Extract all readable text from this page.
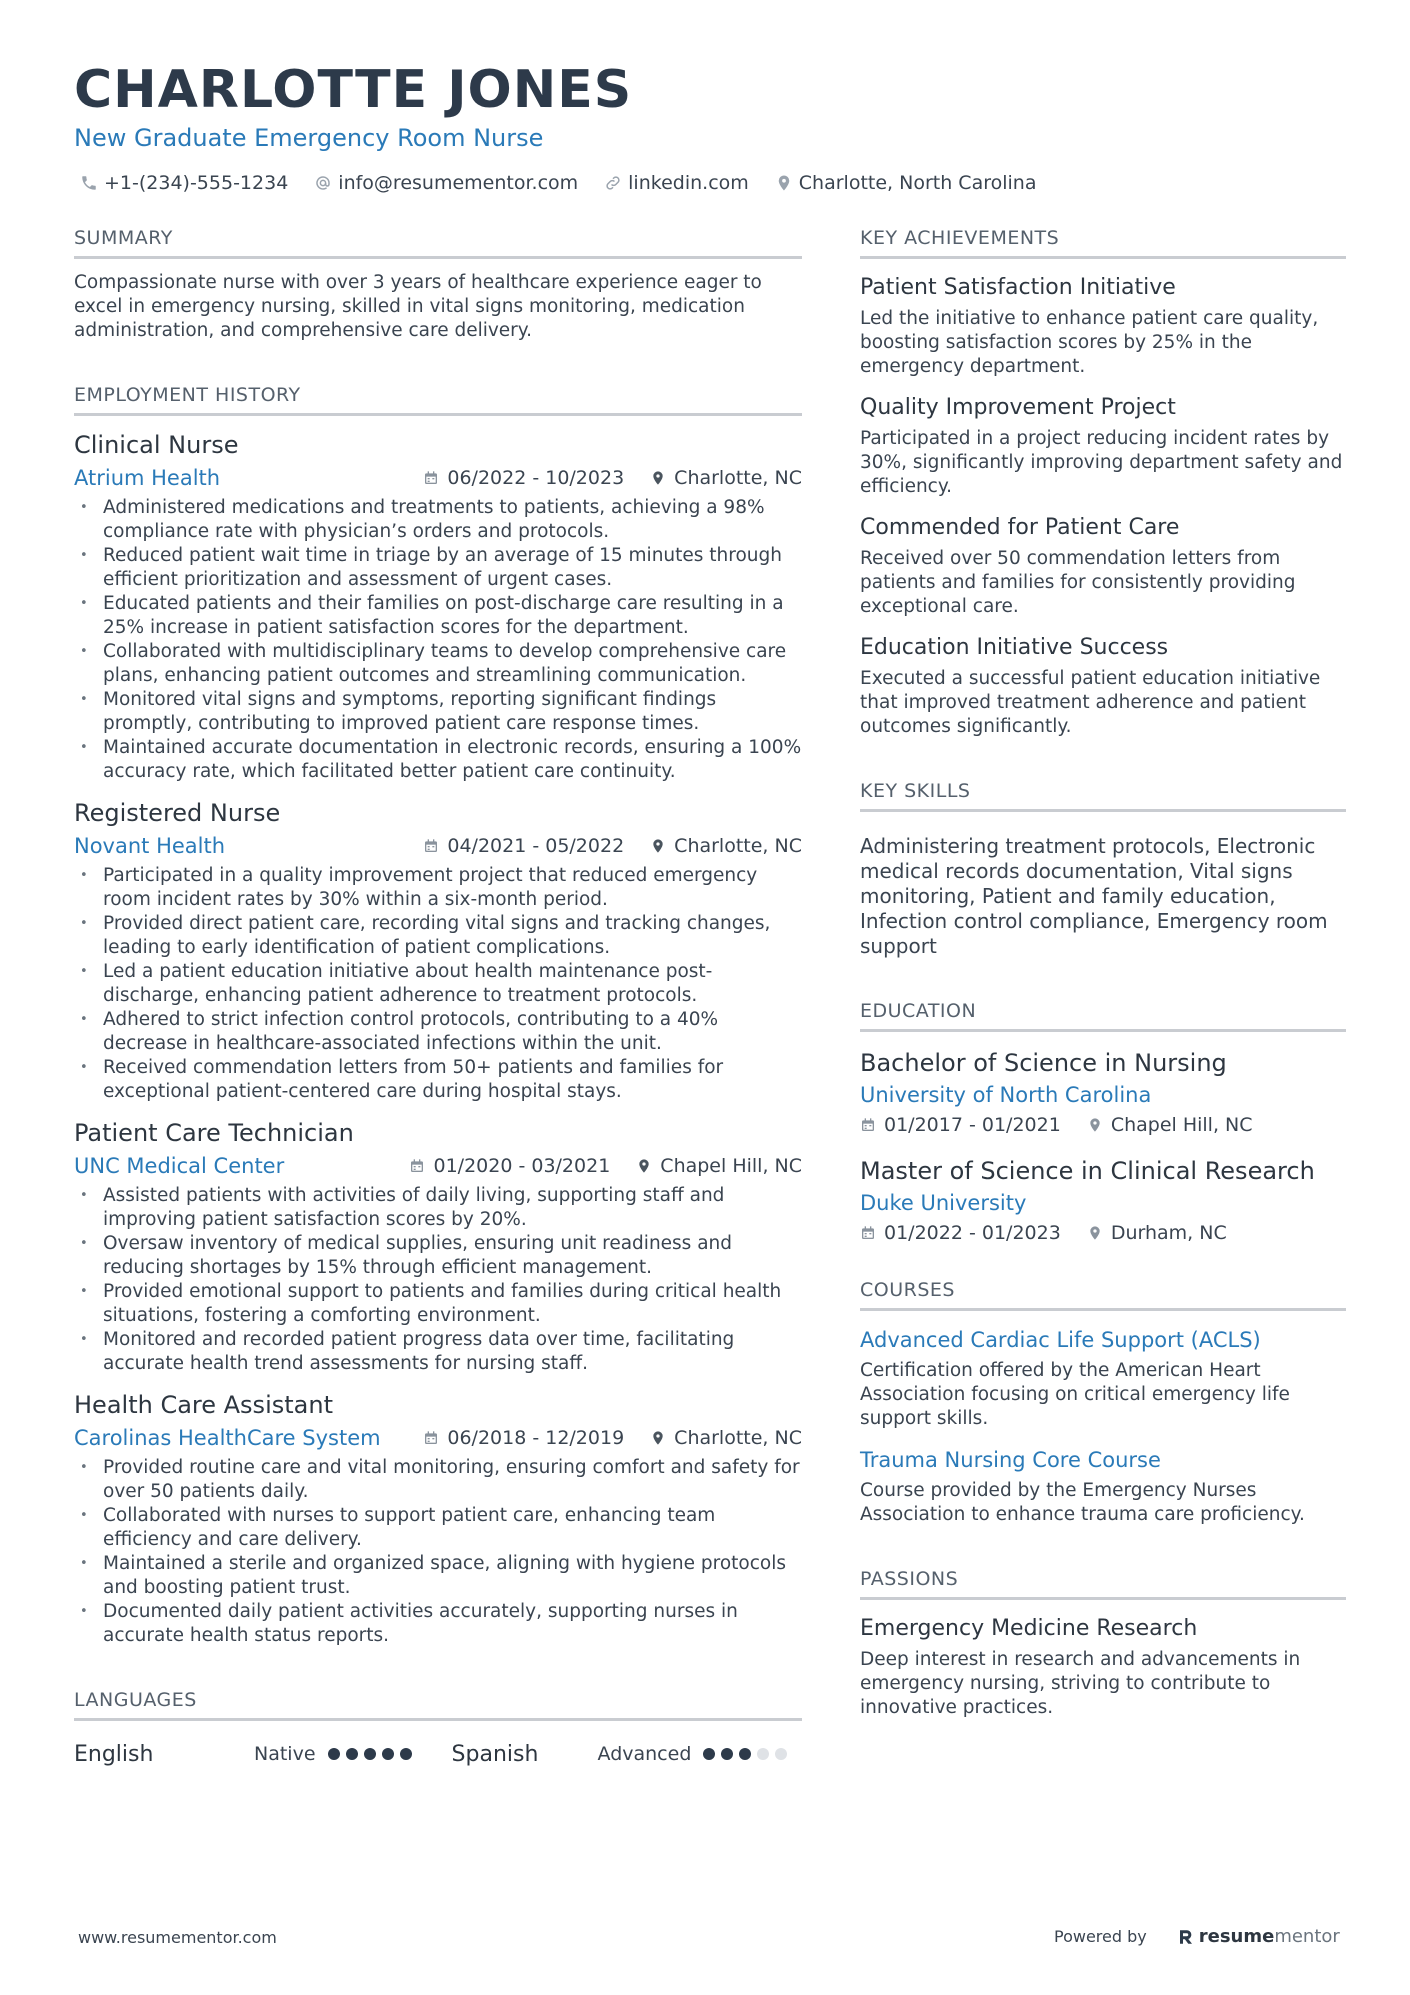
CHARLOTTE JONES
New Graduate Emergency Room Nurse
+1-(234)-555-1234	info@resumementor.com	linkedin.com	Charlotte, North Carolina
SUMMARY
Compassionate nurse with over 3 years of healthcare experience eager to excel in emergency nursing, skilled in vital signs monitoring, medication administration, and comprehensive care delivery.
EMPLOYMENT HISTORY
Clinical Nurse
Atrium Health	06/2022 - 10/2023	Charlotte, NC
• Administered medications and treatments to patients, achieving a 98% compliance rate with physician’s orders and protocols.
• Reduced patient wait time in triage by an average of 15 minutes through efficient prioritization and assessment of urgent cases.
• Educated patients and their families on post-discharge care resulting in a 25% increase in patient satisfaction scores for the department.
• Collaborated with multidisciplinary teams to develop comprehensive care plans, enhancing patient outcomes and streamlining communication.
• Monitored vital signs and symptoms, reporting significant findings promptly, contributing to improved patient care response times.
• Maintained accurate documentation in electronic records, ensuring a 100% accuracy rate, which facilitated better patient care continuity.
Registered Nurse
Novant Health	04/2021 - 05/2022	Charlotte, NC
• Participated in a quality improvement project that reduced emergency room incident rates by 30% within a six-month period.
• Provided direct patient care, recording vital signs and tracking changes, leading to early identification of patient complications.
• Led a patient education initiative about health maintenance post-discharge, enhancing patient adherence to treatment protocols.
• Adhered to strict infection control protocols, contributing to a 40% decrease in healthcare-associated infections within the unit.
• Received commendation letters from 50+ patients and families for exceptional patient-centered care during hospital stays.
Patient Care Technician
UNC Medical Center	01/2020 - 03/2021	Chapel Hill, NC
• Assisted patients with activities of daily living, supporting staff and improving patient satisfaction scores by 20%.
• Oversaw inventory of medical supplies, ensuring unit readiness and reducing shortages by 15% through efficient management.
• Provided emotional support to patients and families during critical health situations, fostering a comforting environment.
• Monitored and recorded patient progress data over time, facilitating accurate health trend assessments for nursing staff.
Health Care Assistant
Carolinas HealthCare System	06/2018 - 12/2019	Charlotte, NC
• Provided routine care and vital monitoring, ensuring comfort and safety for over 50 patients daily.
• Collaborated with nurses to support patient care, enhancing team efficiency and care delivery.
• Maintained a sterile and organized space, aligning with hygiene protocols and boosting patient trust.
• Documented daily patient activities accurately, supporting nurses in accurate health status reports.
LANGUAGES
English	Native	Spanish	Advanced
KEY ACHIEVEMENTS
Patient Satisfaction Initiative
Led the initiative to enhance patient care quality, boosting satisfaction scores by 25% in the emergency department.
Quality Improvement Project
Participated in a project reducing incident rates by 30%, significantly improving department safety and efficiency.
Commended for Patient Care
Received over 50 commendation letters from patients and families for consistently providing exceptional care.
Education Initiative Success
Executed a successful patient education initiative that improved treatment adherence and patient outcomes significantly.
KEY SKILLS
Administering treatment protocols, Electronic medical records documentation, Vital signs monitoring, Patient and family education, Infection control compliance, Emergency room support
EDUCATION
Bachelor of Science in Nursing
University of North Carolina
01/2017 - 01/2021	Chapel Hill, NC
Master of Science in Clinical Research
Duke University
01/2022 - 01/2023	Durham, NC
COURSES
Advanced Cardiac Life Support (ACLS)
Certification offered by the American Heart Association focusing on critical emergency life support skills.
Trauma Nursing Core Course
Course provided by the Emergency Nurses Association to enhance trauma care proficiency.
PASSIONS
Emergency Medicine Research
Deep interest in research and advancements in emergency nursing, striving to contribute to innovative practices.
www.resumementor.com	Powered by	resume mentor
